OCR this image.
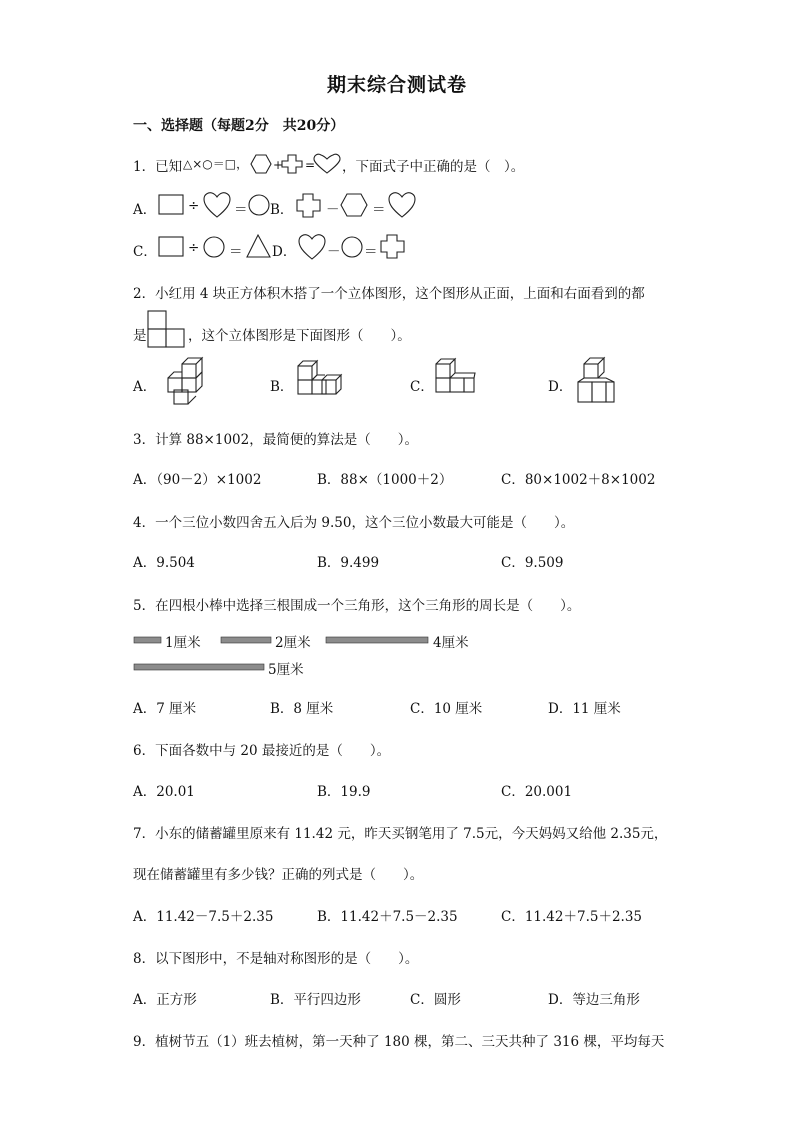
期末综合测试卷
一、选择题（每题2分　共20分）
1．已知 △×○＝□， + = ，下面式子中正确的是（　）。
A． ÷	＝ B． － ＝
C． ÷ ＝ D． － ＝
2．小红用 4 块正方体积木搭了一个立体图形，这个图形从正面，上面和右面看到的都
是	，这个立体图形是下面图形（　　）。
A．	B．	C．	D．
3．计算 88×1002，最简便的算法是（　　）。
A．（90－2）×1002	B．88×（1000＋2）	C．80×1002＋8×1002
4．一个三位小数四舍五入后为 9.50，这个三位小数最大可能是（　　）。
A．9.504	B．9.499	C．9.509
5．在四根小棒中选择三根围成一个三角形，这个三角形的周长是（　　）。
1厘米	2厘米	4厘米
5厘米
A．7 厘米	B．8 厘米	C．10 厘米	D．11 厘米
6．下面各数中与 20 最接近的是（　　）。
A．20.01	B．19.9	C．20.001
7．小东的储蓄罐里原来有 11.42 元，昨天买钢笔用了 7.5元，今天妈妈又给他 2.35元，
现在储蓄罐里有多少钱？正确的列式是（　　）。
A．11.42－7.5＋2.35	B．11.42＋7.5－2.35	C．11.42＋7.5＋2.35
8．以下图形中，不是轴对称图形的是（　　）。
A．正方形	B．平行四边形	C．圆形	D．等边三角形
9．植树节五（1）班去植树，第一天种了 180 棵，第二、三天共种了 316 棵，平均每天
